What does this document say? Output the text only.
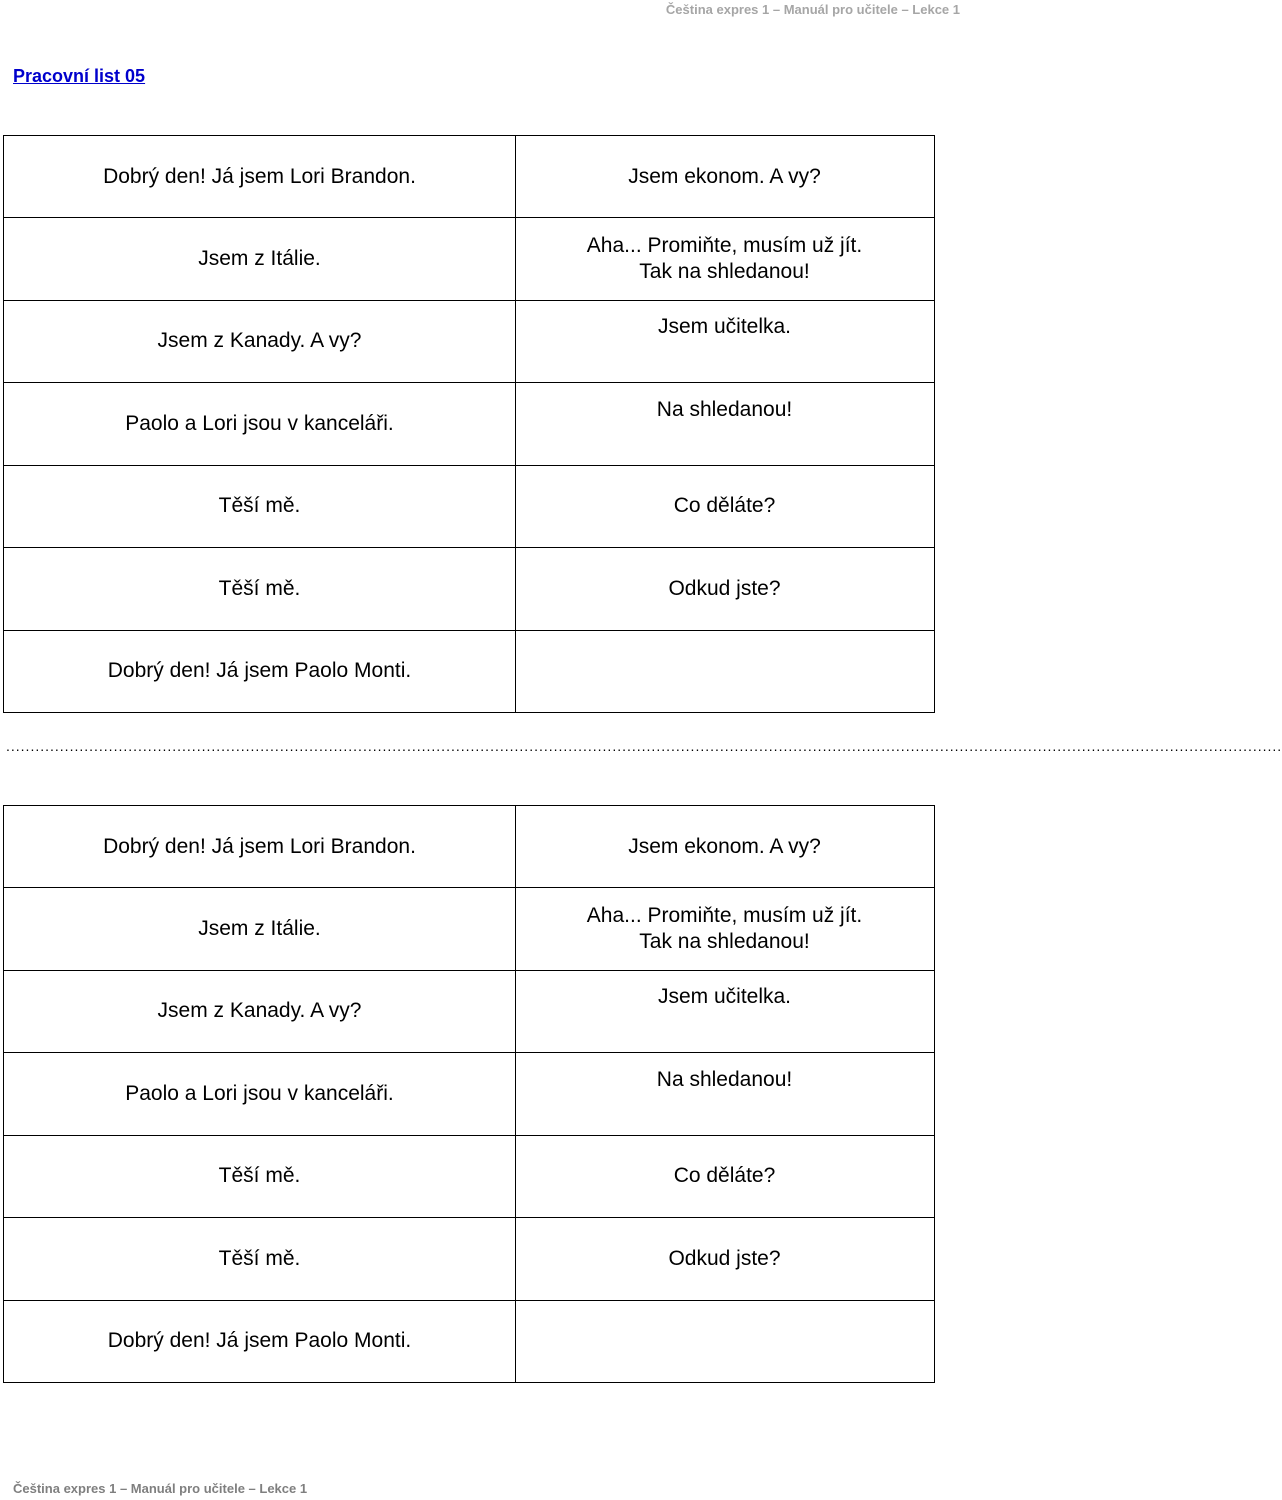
Čeština expres 1 – Manuál pro učitele – Lekce 1
Pracovní list 05
Dobrý den! Já jsem Lori Brandon.
Jsem z Itálie.
Jsem z Kanady. A vy?
Paolo a Lori jsou v kanceláři.
Těší mě.
Těší mě.
Dobrý den! Já jsem Paolo Monti.
Jsem ekonom. A vy?
Aha... Promiňte, musím už jít.
Tak na shledanou!
Jsem učitelka.
Na shledanou!
Co děláte?
Odkud jste?
.....................................................................................................................................................................................................................................................................
Dobrý den! Já jsem Lori Brandon.
Jsem z Itálie.
Jsem z Kanady. A vy?
Paolo a Lori jsou v kanceláři.
Těší mě.
Těší mě.
Dobrý den! Já jsem Paolo Monti.
Jsem ekonom. A vy?
Aha... Promiňte, musím už jít.
Tak na shledanou!
Jsem učitelka.
Na shledanou!
Co děláte?
Odkud jste?
Čeština expres 1 – Manuál pro učitele – Lekce 1
